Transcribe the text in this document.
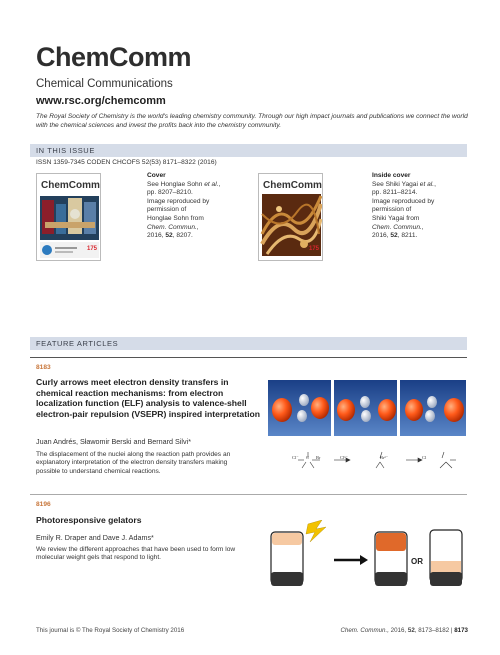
ChemComm
Chemical Communications
www.rsc.org/chemcomm
The Royal Society of Chemistry is the world's leading chemistry community. Through our high impact journals and publications we connect the world with the chemical sciences and invest the profits back into the chemistry community.
IN THIS ISSUE
ISSN 1359-7345 CODEN CHCOFS 52(53) 8171–8322 (2016)
ChemComm
175
Cover
See Honglae Sohn et al.,
pp. 8207–8210.
Image reproduced by
permission of
Honglae Sohn from
Chem. Commun.,
2016, 52, 8207.
ChemComm
175
Inside cover
See Shiki Yagai et al.,
pp. 8211–8214.
Image reproduced by
permission of
Shiki Yagai from
Chem. Commun.,
2016, 52, 8211.
FEATURE ARTICLES
8183
Curly arrows meet electron density transfers in chemical reaction mechanisms: from electron localization function (ELF) analysis to valence-shell electron-pair repulsion (VSEPR) inspired interpretation
Juan Andrés, Sławomir Berski and Bernard Silvi*
The displacement of the nuclei along the reaction path provides an explanatory interpretation of the electron density transfers making possible to understand chemical reactions.
Cl⁻ C Br	Clᵟ⁻	Brᵟ⁻	Cl
8196
Photoresponsive gelators
Emily R. Draper and Dave J. Adams*
We review the different approaches that have been used to form low molecular weight gels that respond to light.	OR
This journal is © The Royal Society of Chemistry 2016	Chem. Commun., 2016, 52, 8173–8182 | 8173
